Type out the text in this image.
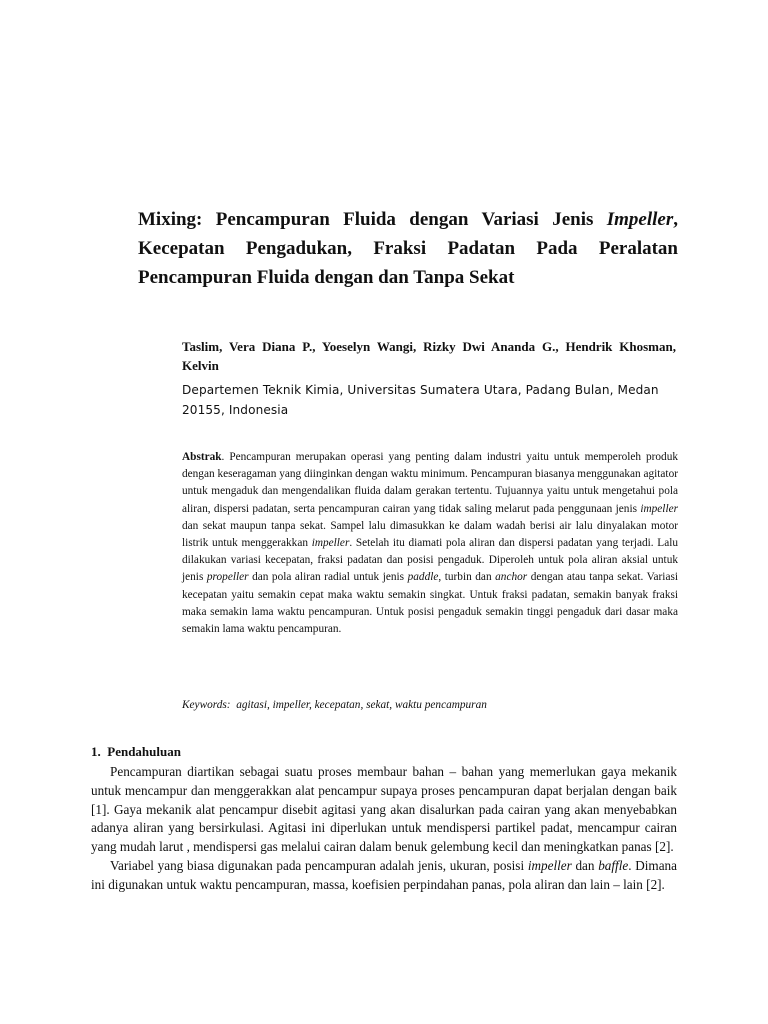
Mixing: Pencampuran Fluida dengan Variasi Jenis Impeller, Kecepatan Pengadukan, Fraksi Padatan Pada Peralatan Pencampuran Fluida dengan dan Tanpa Sekat
Taslim, Vera Diana P., Yoeselyn Wangi, Rizky Dwi Ananda G., Hendrik Khosman, Kelvin
Departemen Teknik Kimia, Universitas Sumatera Utara, Padang Bulan, Medan 20155, Indonesia
Abstrak. Pencampuran merupakan operasi yang penting dalam industri yaitu untuk memperoleh produk dengan keseragaman yang diinginkan dengan waktu minimum. Pencampuran biasanya menggunakan agitator untuk mengaduk dan mengendalikan fluida dalam gerakan tertentu. Tujuannya yaitu untuk mengetahui pola aliran, dispersi padatan, serta pencampuran cairan yang tidak saling melarut pada penggunaan jenis impeller dan sekat maupun tanpa sekat. Sampel lalu dimasukkan ke dalam wadah berisi air lalu dinyalakan motor listrik untuk menggerakkan impeller. Setelah itu diamati pola aliran dan dispersi padatan yang terjadi. Lalu dilakukan variasi kecepatan, fraksi padatan dan posisi pengaduk. Diperoleh untuk pola aliran aksial untuk jenis propeller dan pola aliran radial untuk jenis paddle, turbin dan anchor dengan atau tanpa sekat. Variasi kecepatan yaitu semakin cepat maka waktu semakin singkat. Untuk fraksi padatan, semakin banyak fraksi maka semakin lama waktu pencampuran. Untuk posisi pengaduk semakin tinggi pengaduk dari dasar maka semakin lama waktu pencampuran.
Keywords:  agitasi, impeller, kecepatan, sekat, waktu pencampuran
1. Pendahuluan

Pencampuran diartikan sebagai suatu proses membaur bahan – bahan yang memerlukan gaya mekanik untuk mencampur dan menggerakkan alat pencampur supaya proses pencampuran dapat berjalan dengan baik [1]. Gaya mekanik alat pencampur disebit agitasi yang akan disalurkan pada cairan yang akan menyebabkan adanya aliran yang bersirkulasi. Agitasi ini diperlukan untuk mendispersi partikel padat, mencampur cairan yang mudah larut , mendispersi gas melalui cairan dalam benuk gelembung kecil dan meningkatkan panas [2].

Variabel yang biasa digunakan pada pencampuran adalah jenis, ukuran, posisi impeller dan baffle. Dimana ini digunakan untuk waktu pencampuran, massa, koefisien perpindahan panas, pola aliran dan lain – lain [2].
